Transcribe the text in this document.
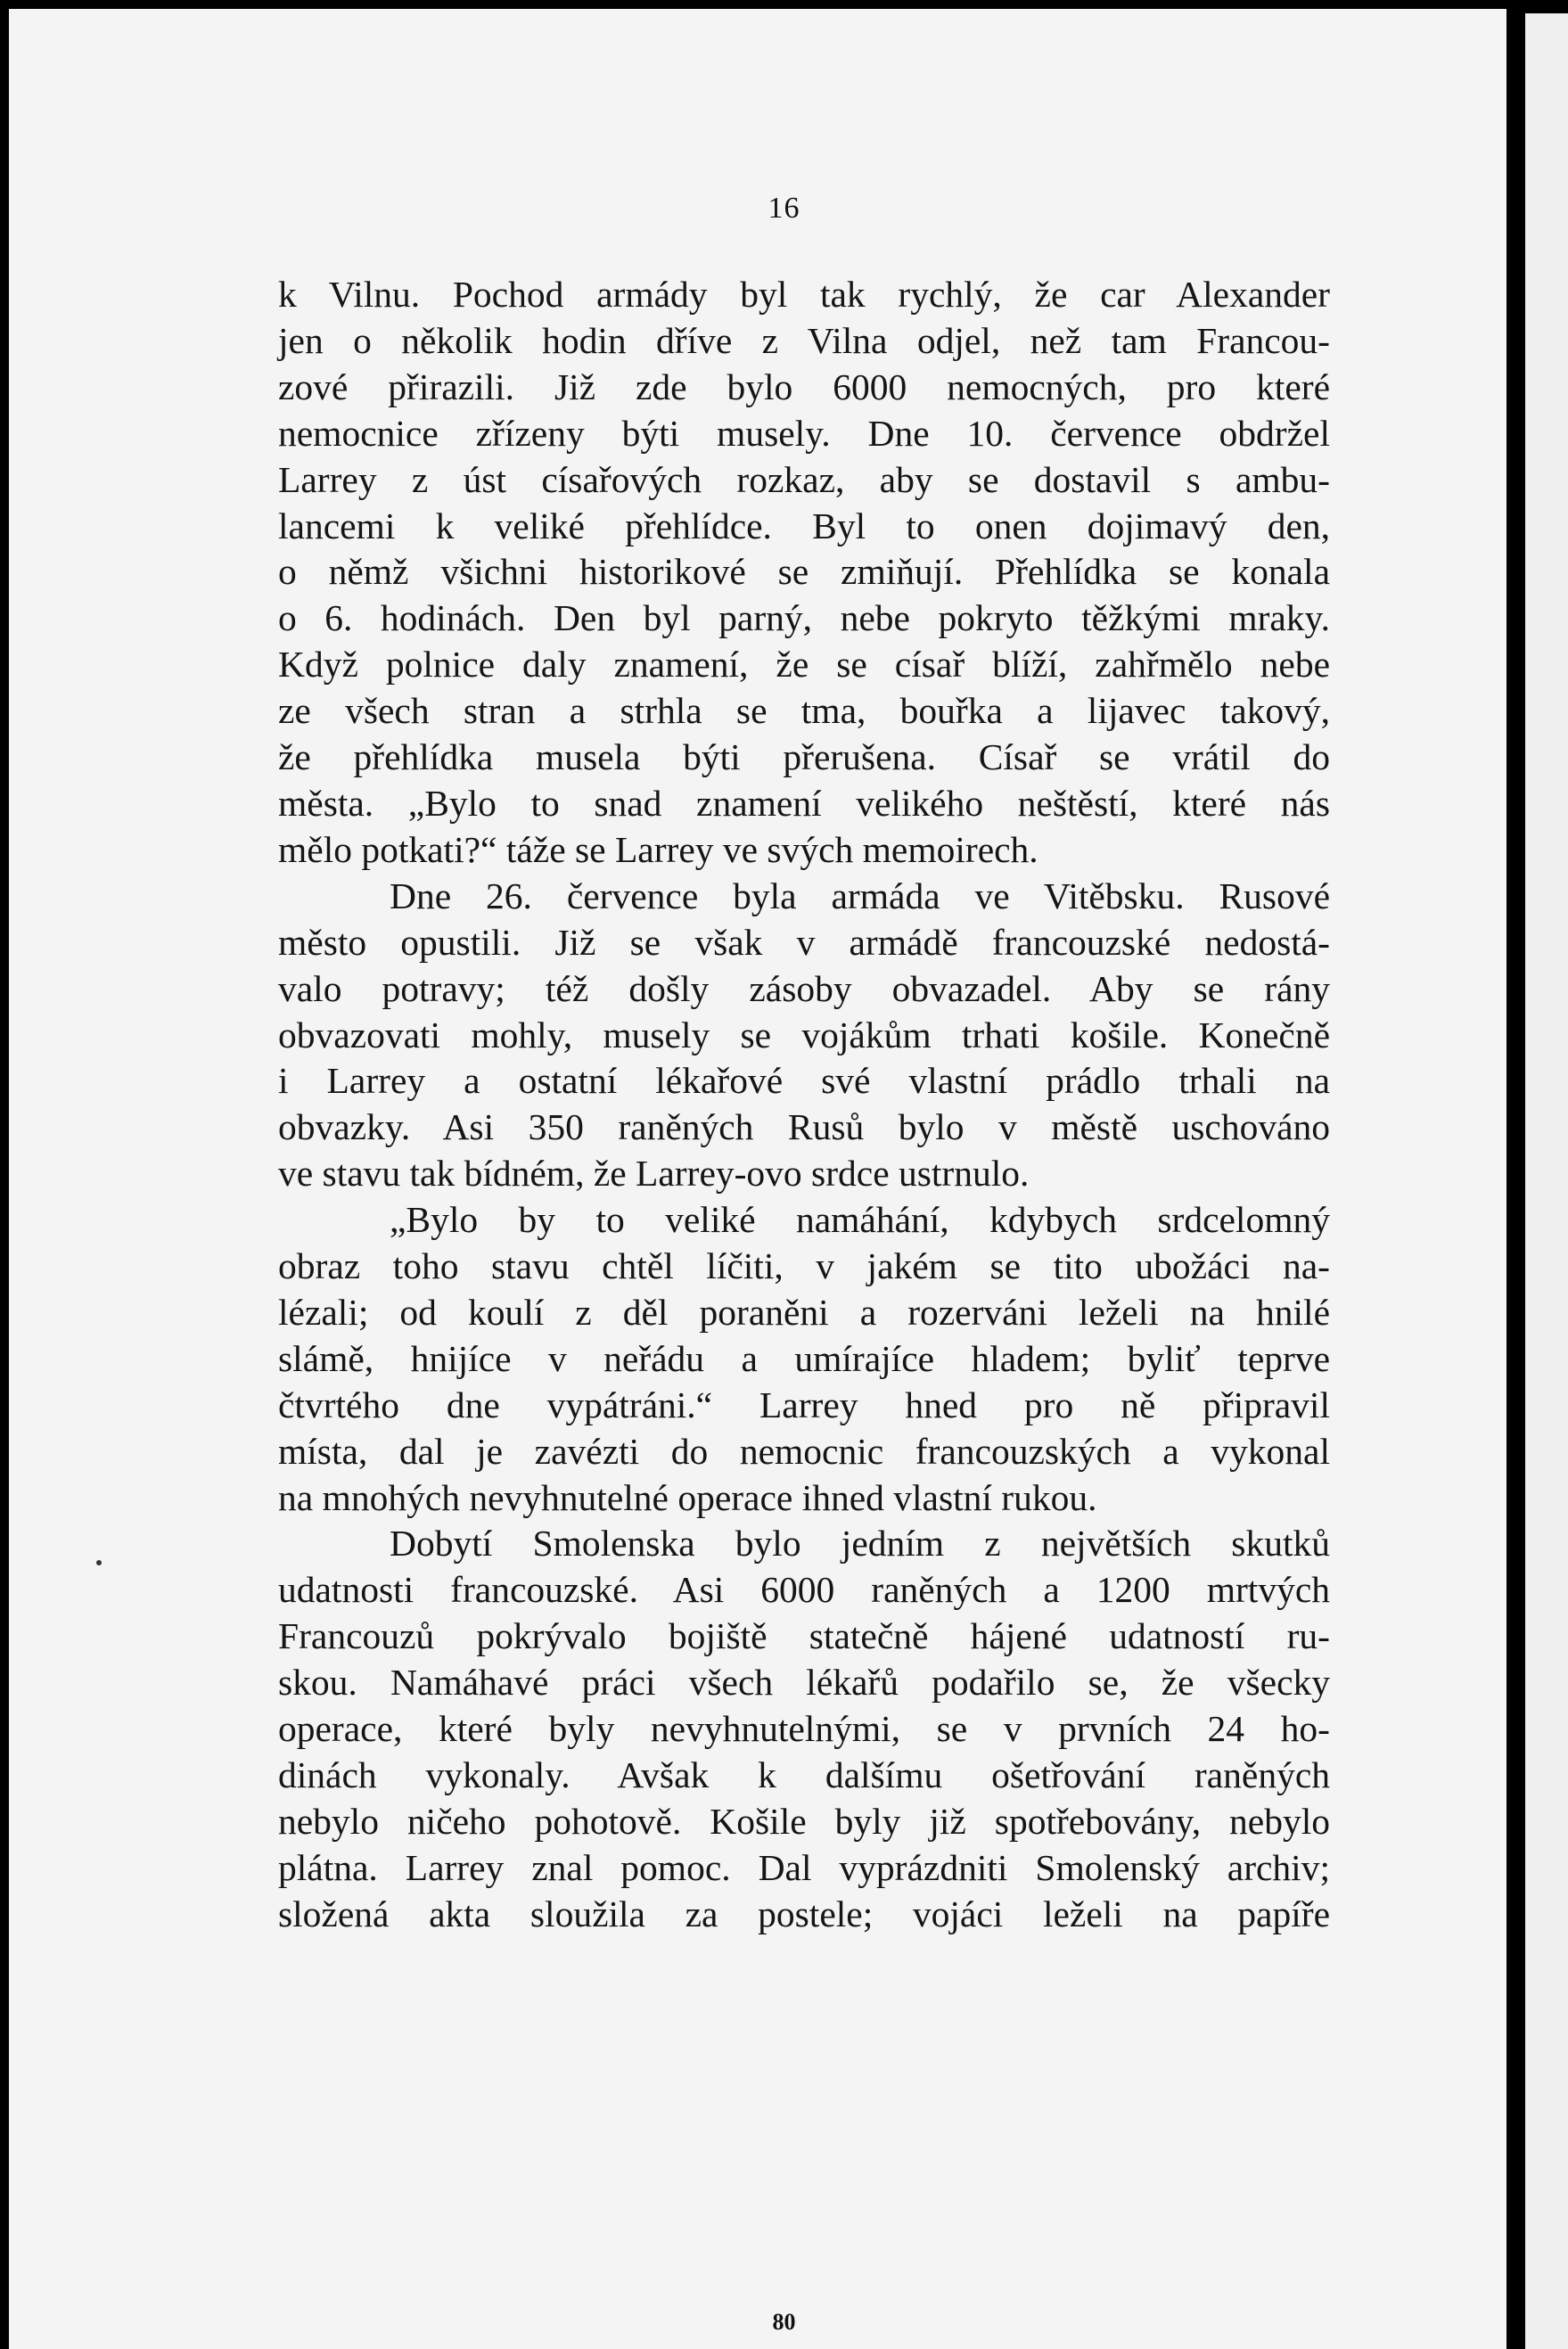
16
k Vilnu. Pochod armády byl tak rychlý, že car Alexander
jen o několik hodin dříve z Vilna odjel, než tam Francou-
zové přirazili. Již zde bylo 6000 nemocných, pro které
nemocnice zřízeny býti musely. Dne 10. července obdržel
Larrey z úst císařových rozkaz, aby se dostavil s ambu-
lancemi k veliké přehlídce. Byl to onen dojimavý den,
o němž všichni historikové se zmiňují. Přehlídka se konala
o 6. hodinách. Den byl parný, nebe pokryto těžkými mraky.
Když polnice daly znamení, že se císař blíží, zahřmělo nebe
ze všech stran a strhla se tma, bouřka a lijavec takový,
že přehlídka musela býti přerušena. Císař se vrátil do
města. „Bylo to snad znamení velikého neštěstí, které nás
mělo potkati?“ táže se Larrey ve svých memoirech.
Dne 26. července byla armáda ve Vitěbsku. Rusové
město opustili. Již se však v armádě francouzské nedostá-
valo potravy; též došly zásoby obvazadel. Aby se rány
obvazovati mohly, musely se vojákům trhati košile. Konečně
i Larrey a ostatní lékařové své vlastní prádlo trhali na
obvazky. Asi 350 raněných Rusů bylo v městě uschováno
ve stavu tak bídném, že Larrey-ovo srdce ustrnulo.
„Bylo by to veliké namáhání, kdybych srdcelomný
obraz toho stavu chtěl líčiti, v jakém se tito ubožáci na-
lézali; od koulí z děl poraněni a rozerváni leželi na hnilé
slámě, hnijíce v neřádu a umírajíce hladem; byliť teprve
čtvrtého dne vypátráni.“ Larrey hned pro ně připravil
místa, dal je zavézti do nemocnic francouzských a vykonal
na mnohých nevyhnutelné operace ihned vlastní rukou.
Dobytí Smolenska bylo jedním z největších skutků
udatnosti francouzské. Asi 6000 raněných a 1200 mrtvých
Francouzů pokrývalo bojiště statečně hájené udatností ru-
skou. Namáhavé práci všech lékařů podařilo se, že všecky
operace, které byly nevyhnutelnými, se v prvních 24 ho-
dinách vykonaly. Avšak k dalšímu ošetřování raněných
nebylo ničeho pohotově. Košile byly již spotřebovány, nebylo
plátna. Larrey znal pomoc. Dal vyprázdniti Smolenský archiv;
složená akta sloužila za postele; vojáci leželi na papíře
80
